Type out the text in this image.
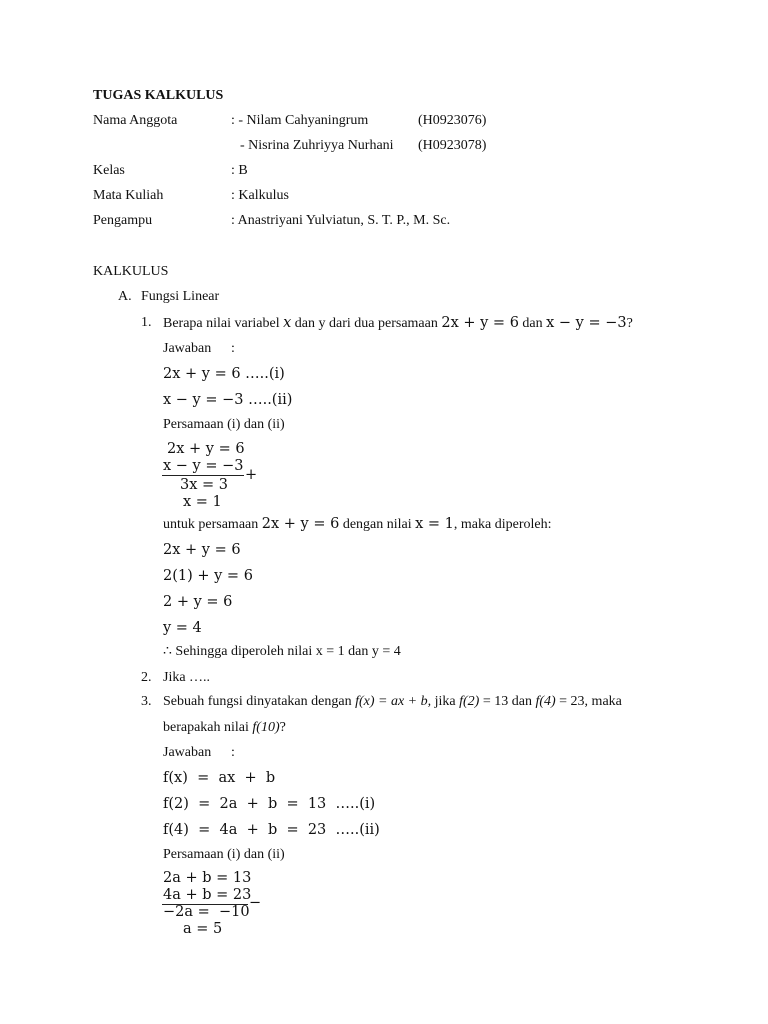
TUGAS KALKULUS
Nama Anggota	: - Nilam Cahyaningrum	(H0923076)
- Nisrina Zuhriyya Nurhani (H0923078)
Kelas	: B
Mata Kuliah	: Kalkulus
Pengampu	: Anastriyani Yulviatun, S. T. P., M. Sc.
KALKULUS
A. Fungsi Linear
1. Berapa nilai variabel x dan y dari dua persamaan 2x + y = 6 dan x − y = −3?
Jawaban :
2x + y = 6 …..(i)
x − y = −3 …..(ii)
Persamaan (i) dan (ii)
2x + y = 6
x − y = −3
+
3x = 3
x = 1
untuk persamaan 2x + y = 6 dengan nilai x = 1, maka diperoleh:
2x + y = 6
2(1) + y = 6
2 + y = 6
y = 4
∴ Sehingga diperoleh nilai x = 1 dan y = 4
2. Jika …..
3. Sebuah fungsi dinyatakan dengan f(x) = ax + b, jika f(2) = 13 dan f(4) = 23, maka
berapakah nilai f(10)?
Jawaban :
f(x)  =  ax  +  b
f(2)  =  2a  +  b  =  13  …..(i)
f(4)  =  4a  +  b  =  23  …..(ii)
Persamaan (i) dan (ii)
2a + b = 13
4a + b = 23
−
−2a =  −10
a = 5
